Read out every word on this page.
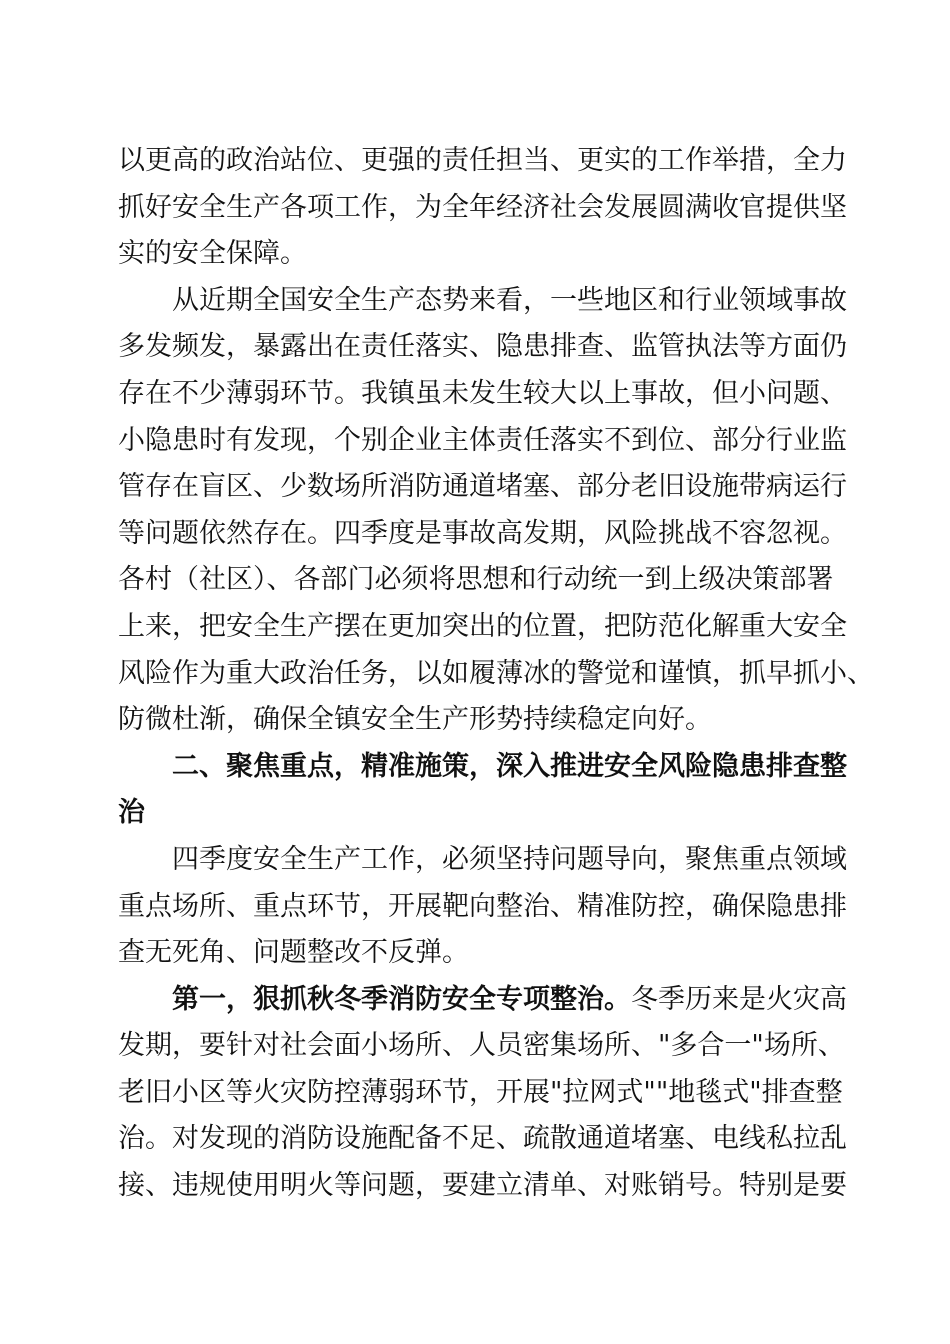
以更高的政治站位、更强的责任担当、更实的工作举措，全力
抓好安全生产各项工作，为全年经济社会发展圆满收官提供坚
实的安全保障。
从近期全国安全生产态势来看，一些地区和行业领域事故
多发频发，暴露出在责任落实、隐患排查、监管执法等方面仍
存在不少薄弱环节。我镇虽未发生较大以上事故，但小问题、
小隐患时有发现，个别企业主体责任落实不到位、部分行业监
管存在盲区、少数场所消防通道堵塞、部分老旧设施带病运行
等问题依然存在。四季度是事故高发期，风险挑战不容忽视。
各村（社区）、各部门必须将思想和行动统一到上级决策部署
上来，把安全生产摆在更加突出的位置，把防范化解重大安全
风险作为重大政治任务，以如履薄冰的警觉和谨慎，抓早抓小、
防微杜渐，确保全镇安全生产形势持续稳定向好。
二、聚焦重点，精准施策，深入推进安全风险隐患排查整
治
四季度安全生产工作，必须坚持问题导向，聚焦重点领域
重点场所、重点环节，开展靶向整治、精准防控，确保隐患排
查无死角、问题整改不反弹。
第一，狠抓秋冬季消防安全专项整治。冬季历来是火灾高
发期，要针对社会面小场所、人员密集场所、"多合一"场所、
老旧小区等火灾防控薄弱环节，开展"拉网式""地毯式"排查整
治。对发现的消防设施配备不足、疏散通道堵塞、电线私拉乱
接、违规使用明火等问题，要建立清单、对账销号。特别是要
